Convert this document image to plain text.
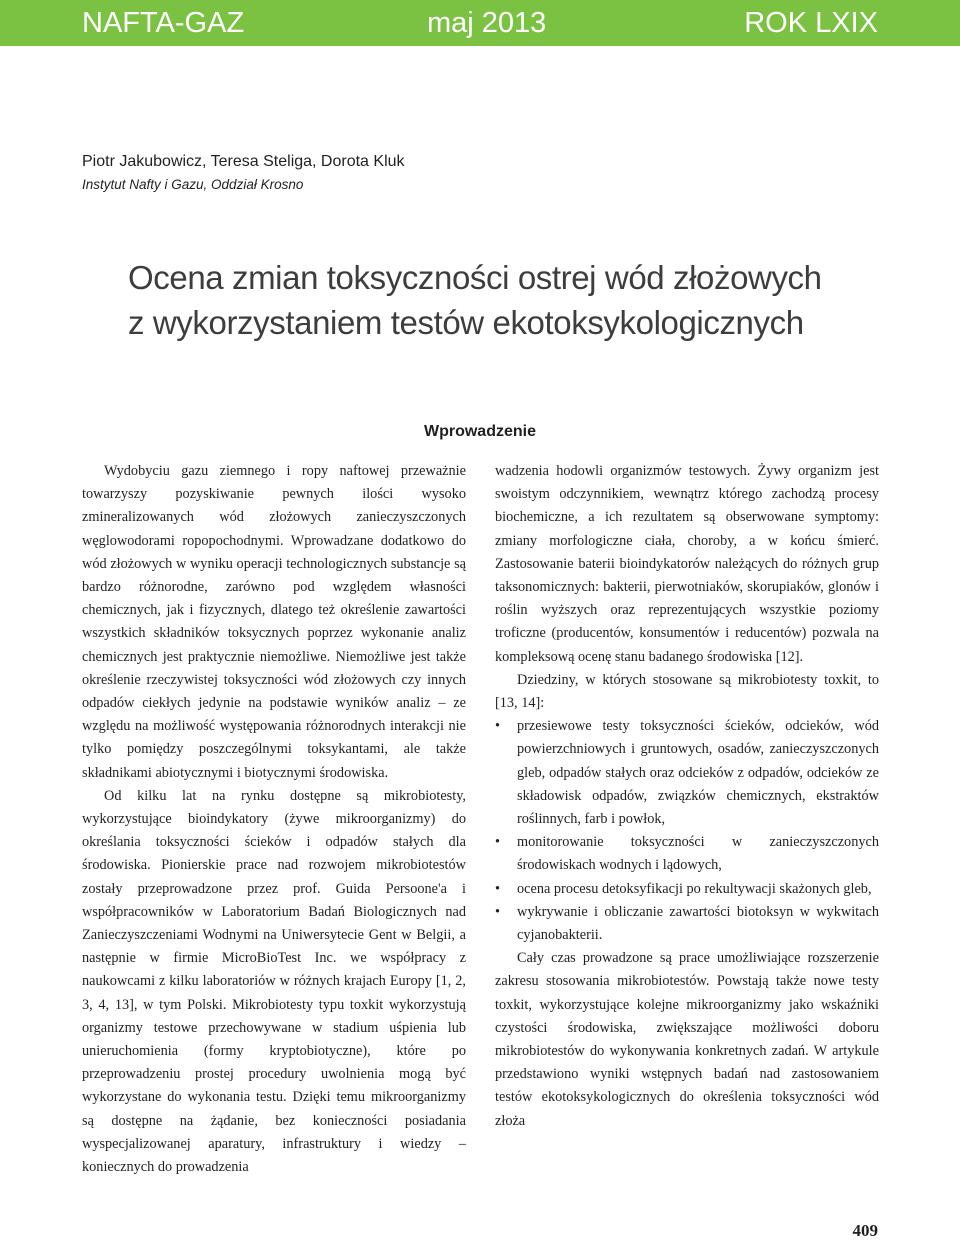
NAFTA-GAZ	maj 2013	ROK LXIX
Piotr Jakubowicz, Teresa Steliga, Dorota Kluk
Instytut Nafty i Gazu, Oddział Krosno
Ocena zmian toksyczności ostrej wód złożowych
z wykorzystaniem testów ekotoksykologicznych
Wprowadzenie

Wydobyciu gazu ziemnego i ropy naftowej przeważnie towarzyszy pozyskiwanie pewnych ilości wysoko zmineralizowanych wód złożowych zanieczyszczonych węglowodorami ropopochodnymi. Wprowadzane dodatkowo do wód złożowych w wyniku operacji technologicznych substancje są bardzo różnorodne, zarówno pod względem własności chemicznych, jak i fizycznych, dlatego też określenie zawartości wszystkich składników toksycznych poprzez wykonanie analiz chemicznych jest praktycznie niemożliwe. Niemożliwe jest także określenie rzeczywistej toksyczności wód złożowych czy innych odpadów ciekłych jedynie na podstawie wyników analiz – ze względu na możliwość występowania różnorodnych interakcji nie tylko pomiędzy poszczególnymi toksykantami, ale także składnikami abiotycznymi i biotycznymi środowiska.

Od kilku lat na rynku dostępne są mikrobiotesty, wykorzystujące bioindykatory (żywe mikroorganizmy) do określania toksyczności ścieków i odpadów stałych dla środowiska. Pionierskie prace nad rozwojem mikrobiotestów zostały przeprowadzone przez prof. Guida Persoone'a i współpracowników w Laboratorium Badań Biologicznych nad Zanieczyszczeniami Wodnymi na Uniwersytecie Gent w Belgii, a następnie w firmie MicroBioTest Inc. we współpracy z naukowcami z kilku laboratoriów w różnych krajach Europy [1, 2, 3, 4, 13], w tym Polski. Mikrobiotesty typu toxkit wykorzystują organizmy testowe przechowywane w stadium uśpienia lub unieruchomienia (formy kryptobiotyczne), które po przeprowadzeniu prostej procedury uwolnienia mogą być wykorzystane do wykonania testu. Dzięki temu mikroorganizmy są dostępne na żądanie, bez konieczności posiadania wyspecjalizowanej aparatury, infrastruktury i wiedzy – koniecznych do prowadzenia

wadzenia hodowli organizmów testowych. Żywy organizm jest swoistym odczynnikiem, wewnątrz którego zachodzą procesy biochemiczne, a ich rezultatem są obserwowane symptomy: zmiany morfologiczne ciała, choroby, a w końcu śmierć. Zastosowanie baterii bioindykatorów należących do różnych grup taksonomicznych: bakterii, pierwotniaków, skorupiaków, glonów i roślin wyższych oraz reprezentujących wszystkie poziomy troficzne (producentów, konsumentów i reducentów) pozwala na kompleksową ocenę stanu badanego środowiska [12].

Dziedziny, w których stosowane są mikrobiotesty toxkit, to [13, 14]:

• przesiewowe testy toksyczności ścieków, odcieków, wód powierzchniowych i gruntowych, osadów, zanieczyszczonych gleb, odpadów stałych oraz odcieków z odpadów, odcieków ze składowisk odpadów, związków chemicznych, ekstraktów roślinnych, farb i powłok,
• monitorowanie toksyczności w zanieczyszczonych środowiskach wodnych i lądowych,
• ocena procesu detoksyfikacji po rekultywacji skażonych gleb,
• wykrywanie i obliczanie zawartości biotoksyn w wykwitach cyjanobakterii.

Cały czas prowadzone są prace umożliwiające rozszerzenie zakresu stosowania mikrobiotestów. Powstają także nowe testy toxkit, wykorzystujące kolejne mikroorganizmy jako wskaźniki czystości środowiska, zwiększające możliwości doboru mikrobiotestów do wykonywania konkretnych zadań. W artykule przedstawiono wyniki wstępnych badań nad zastosowaniem testów ekotoksykologicznych do określenia toksyczności wód złoża

409
